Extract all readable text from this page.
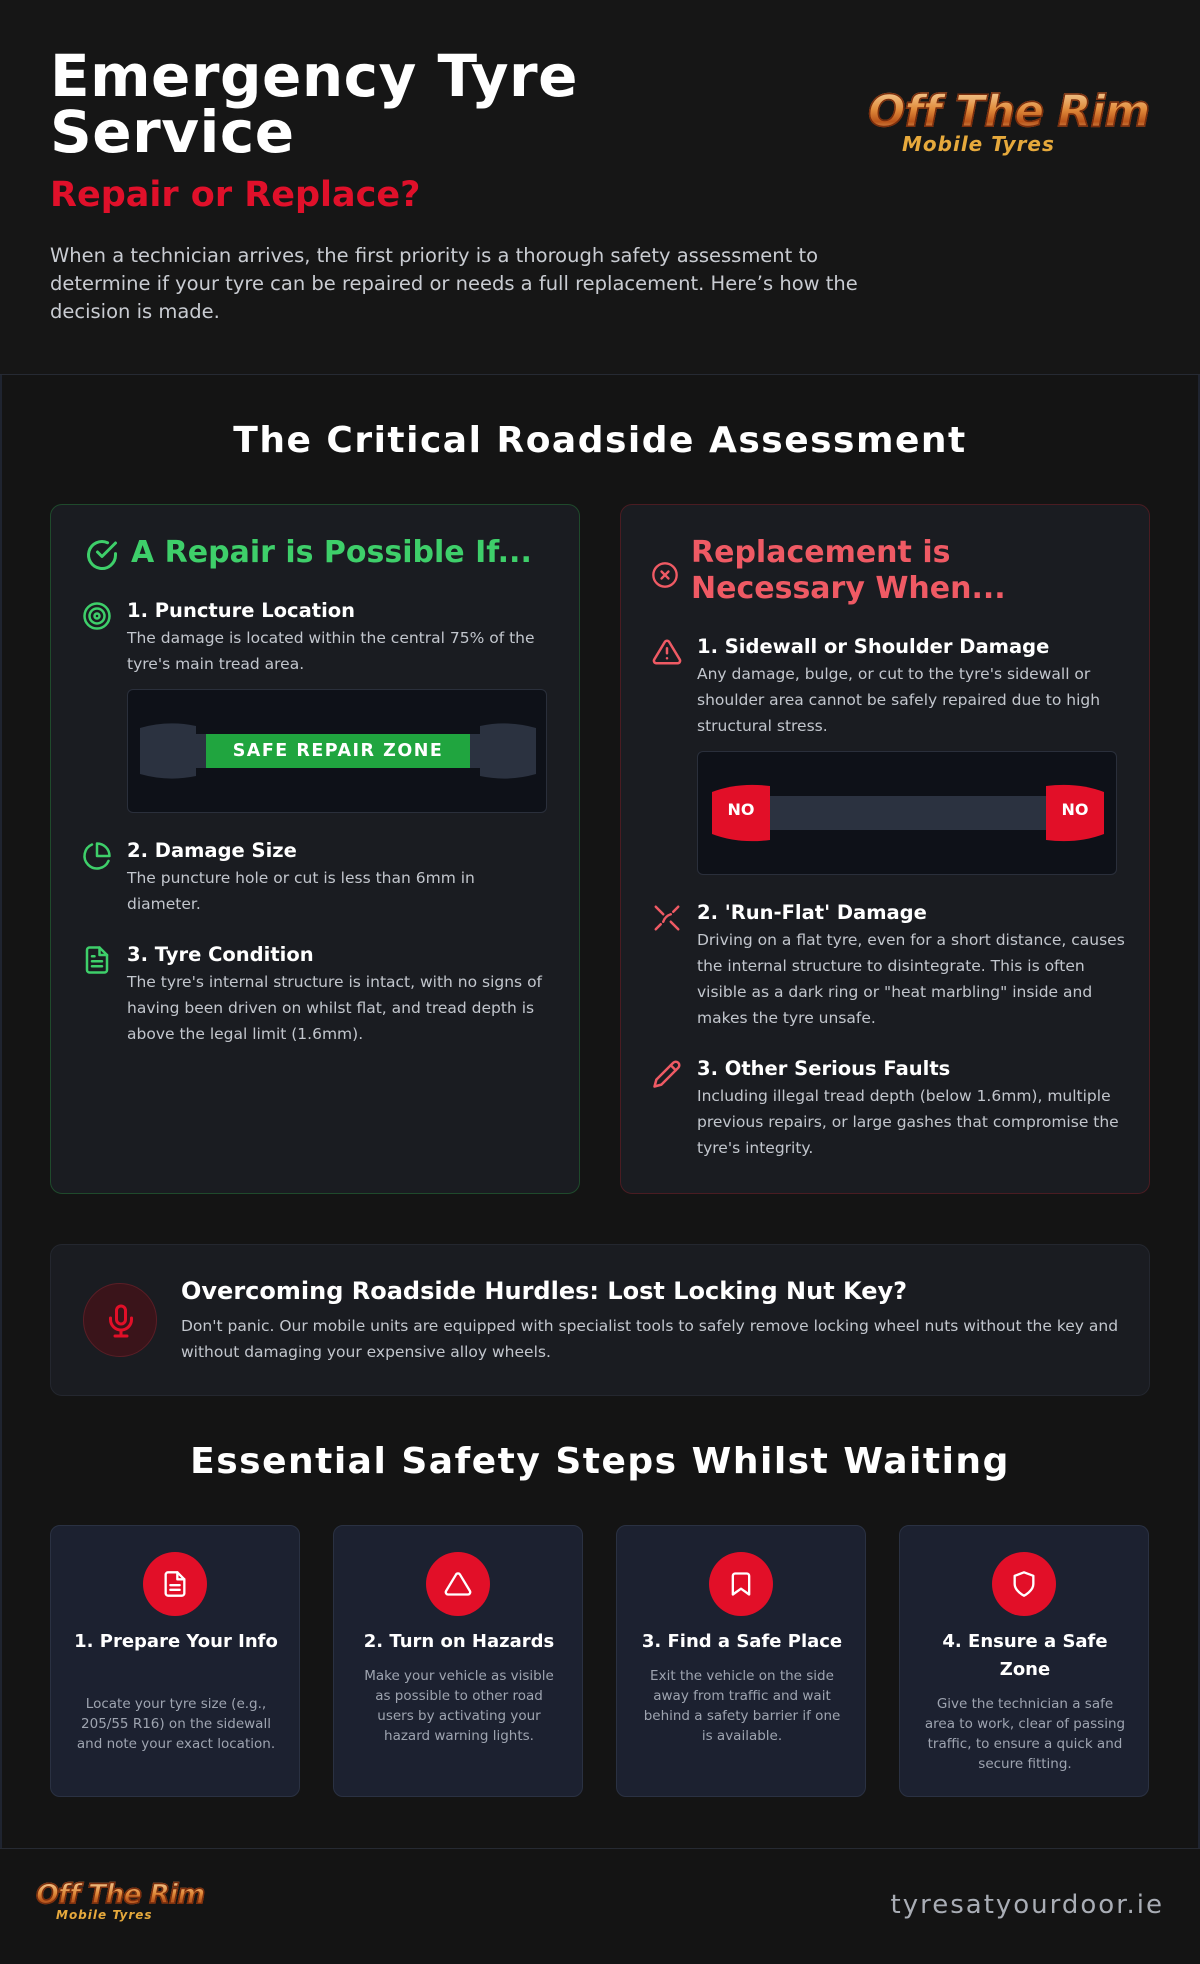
Emergency Tyre Service
Repair or Replace?

When a technician arrives, the first priority is a thorough safety assessment to determine if your tyre can be repaired or needs a full replacement. Here’s how the decision is made.

Off The Rim
Mobile Tyres
The Critical Roadside Assessment
A Repair is Possible If...
1. Puncture Location
The damage is located within the central 75% of the tyre's main tread area.
SAFE REPAIR ZONE
2. Damage Size
The puncture hole or cut is less than 6mm in diameter.
3. Tyre Condition
The tyre's internal structure is intact, with no signs of having been driven on whilst flat, and tread depth is above the legal limit (1.6mm).
Replacement is Necessary When...
1. Sidewall or Shoulder Damage
Any damage, bulge, or cut to the tyre's sidewall or shoulder area cannot be safely repaired due to high structural stress.
NO	NO
2. 'Run-Flat' Damage
Driving on a flat tyre, even for a short distance, causes the internal structure to disintegrate. This is often visible as a dark ring or "heat marbling" inside and makes the tyre unsafe.
3. Other Serious Faults
Including illegal tread depth (below 1.6mm), multiple previous repairs, or large gashes that compromise the tyre's integrity.
Overcoming Roadside Hurdles: Lost Locking Nut Key?
Don't panic. Our mobile units are equipped with specialist tools to safely remove locking wheel nuts without the key and without damaging your expensive alloy wheels.
Essential Safety Steps Whilst Waiting
1. Prepare Your Info
Locate your tyre size (e.g., 205/55 R16) on the sidewall and note your exact location.
2. Turn on Hazards
Make your vehicle as visible as possible to other road users by activating your hazard warning lights.
3. Find a Safe Place
Exit the vehicle on the side away from traffic and wait behind a safety barrier if one is available.
4. Ensure a Safe Zone
Give the technician a safe area to work, clear of passing traffic, to ensure a quick and secure fitting.
Off The Rim
Mobile Tyres	tyresatyourdoor.ie
